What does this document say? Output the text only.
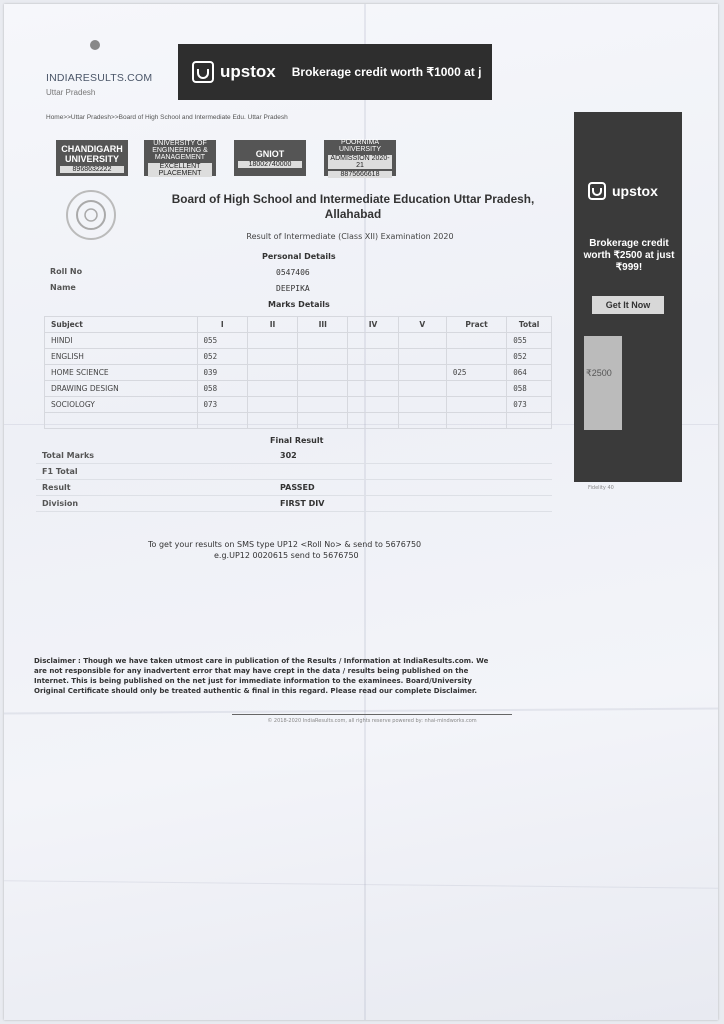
INDIARESULTS.COM
Uttar Pradesh
upstox Brokerage credit worth ₹1000 at j
Home>>Uttar Pradesh>>Board of High School and Intermediate Edu. Uttar Pradesh
CHANDIGARH UNIVERSITY
8968632222
UNIVERSITY OF ENGINEERING & MANAGEMENT
EXCELLENT PLACEMENT
GNIOT
18002740000
POORNIMA UNIVERSITY
ADMISSION 2020-21
8875666618
Board of High School and Intermediate Education Uttar Pradesh, Allahabad
Result of Intermediate (Class XII) Examination 2020
Personal Details
Roll No	0547406
Name	DEEPIKA
Marks Details
Subject	I	II	III	IV	V	Pract	Total
HINDI	055						055
ENGLISH	052						052
HOME SCIENCE	039					025	064
DRAWING DESIGN	058						058
SOCIOLOGY	073						073

Final Result
Total Marks	302
F1 Total	
Result	PASSED
Division	FIRST DIV
To get your results on SMS type UP12 <Roll No> & send to 5676750
e.g.UP12 0020615 send to 5676750
Disclaimer : Though we have taken utmost care in publication of the Results / Information at IndiaResults.com. We are not responsible for any inadvertent error that may have crept in the data / results being published on the Internet. This is being published on the net just for immediate information to the examinees. Board/University Original Certificate should only be treated authentic & final in this regard. Please read our complete Disclaimer.
© 2018-2020 IndiaResults.com, all rights reserve powered by: nhai-mindworks.com
upstox
Brokerage credit worth ₹2500 at just ₹999!
Get It Now
₹2500
Fidelity 40
